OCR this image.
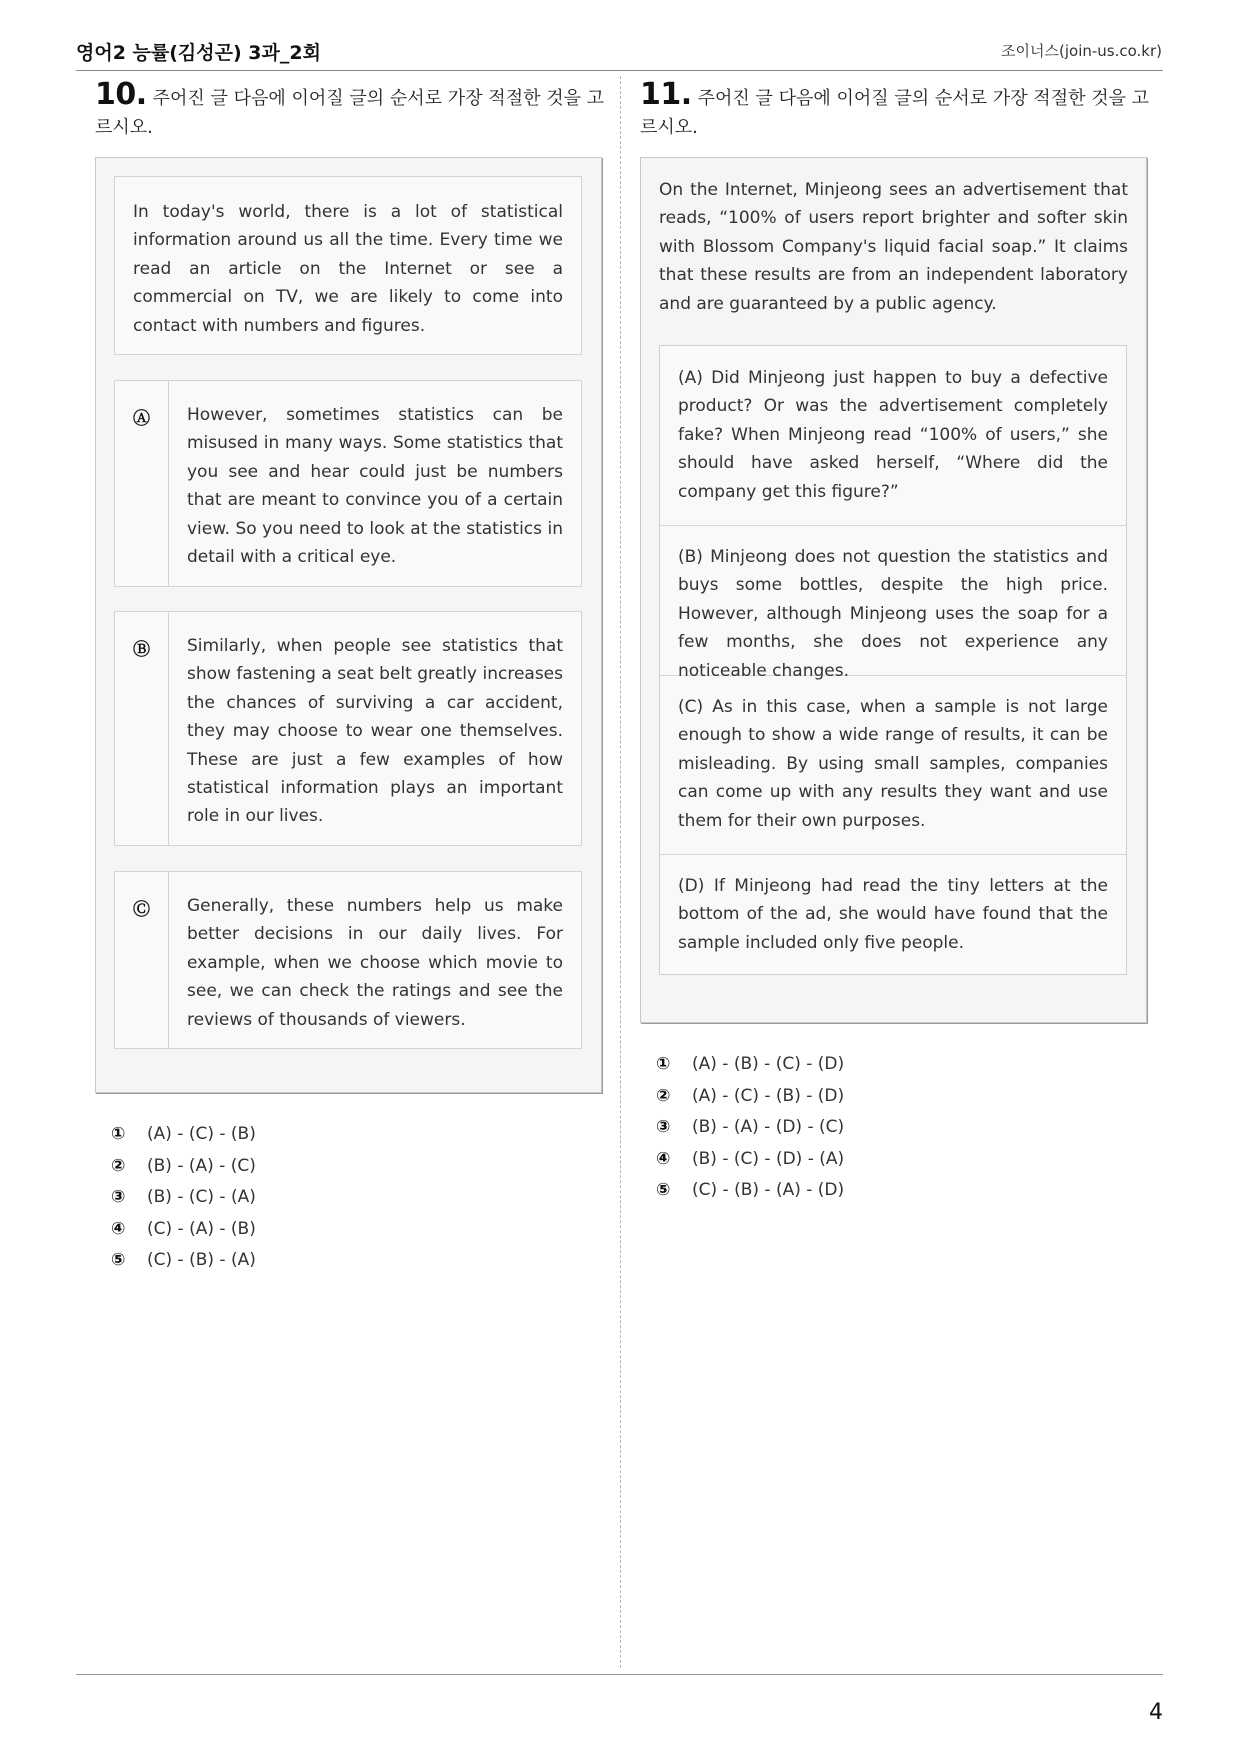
영어2 능률(김성곤) 3과_2회	조이너스(join-us.co.kr)
10. 주어진 글 다음에 이어질 글의 순서로 가장 적절한 것을 고르시오.
In today's world, there is a lot of statistical information around us all the time. Every time we read an article on the Internet or see a commercial on TV, we are likely to come into contact with numbers and figures.
Ⓐ However, sometimes statistics can be misused in many ways. Some statistics that you see and hear could just be numbers that are meant to convince you of a certain view. So you need to look at the statistics in detail with a critical eye.
Ⓑ Similarly, when people see statistics that show fastening a seat belt greatly increases the chances of surviving a car accident, they may choose to wear one themselves. These are just a few examples of how statistical information plays an important role in our lives.
Ⓒ Generally, these numbers help us make better decisions in our daily lives. For example, when we choose which movie to see, we can check the ratings and see the reviews of thousands of viewers.
① (A) - (C) - (B)
② (B) - (A) - (C)
③ (B) - (C) - (A)
④ (C) - (A) - (B)
⑤ (C) - (B) - (A)
11. 주어진 글 다음에 이어질 글의 순서로 가장 적절한 것을 고르시오.
On the Internet, Minjeong sees an advertisement that reads, “100% of users report brighter and softer skin with Blossom Company's liquid facial soap.” It claims that these results are from an independent laboratory and are guaranteed by a public agency.
(A) Did Minjeong just happen to buy a defective product? Or was the advertisement completely fake? When Minjeong read “100% of users,” she should have asked herself, “Where did the company get this figure?”
(B) Minjeong does not question the statistics and buys some bottles, despite the high price. However, although Minjeong uses the soap for a few months, she does not experience any noticeable changes.
(C) As in this case, when a sample is not large enough to show a wide range of results, it can be misleading. By using small samples, companies can come up with any results they want and use them for their own purposes.
(D) If Minjeong had read the tiny letters at the bottom of the ad, she would have found that the sample included only five people.
① (A) - (B) - (C) - (D)
② (A) - (C) - (B) - (D)
③ (B) - (A) - (D) - (C)
④ (B) - (C) - (D) - (A)
⑤ (C) - (B) - (A) - (D)
4
